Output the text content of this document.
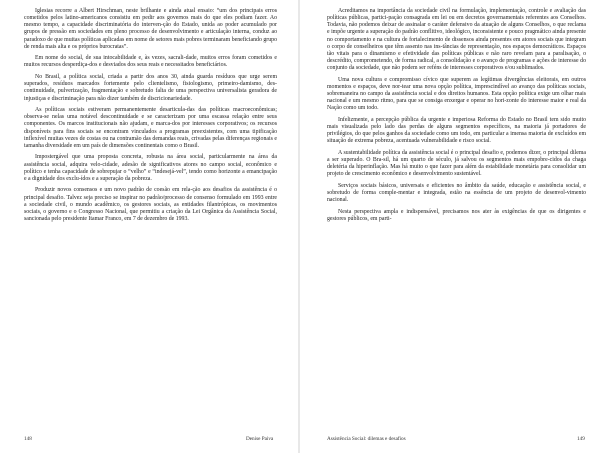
Iglesias recorre a Albert Hirschman, neste brilhante e ainda atual ensaio: “um dos principais erros cometidos pelos latino-americanos consistiu em pedir aos governos mais do que eles podiam fazer. Ao mesmo tempo, a capacidade discriminatória do interven-ção do Estado, unida ao poder acumulado por grupos de pressão em sociedades em pleno processo de desenvolvimento e articulação interna, conduz ao paradoxo de que muitas políticas aplicadas em nome de setores mais pobres terminaram beneficiando grupo de renda mais alta e os próprios burocratas”.

Em nome do social, de sua intocabilidade e, às vezes, sacrali-dade, muitos erros foram cometidos e muitos recursos desperdiça-dos e desviados dos seus reais e necessitados beneficiários.

No Brasil, a política social, criada a partir dos anos 30, ainda guarda resíduos que urge serem superados, resíduos marcados fortemente pelo clientelismo, fisiologismo, primeiro-damismo, des-continuidade, pulverização, fragmentação e sobretudo falta de uma perspectiva universalista geradora de injustiças e discriminação para não dizer também de discricionariedade.

As políticas sociais estiveram permanentemente desarticula-das das políticas macroeconômicas; observa-se nelas uma notável descontinuidade e se caracterizam por uma escassa relação entre seus componentes. Os marcos institucionais não ajudam, e marca-dos por interesses corporativos; os recursos disponíveis para fins sociais se encontram vinculados a programas preexistentes, com uma tipificação inflexível muitas vezes de costas ou na contramão das demandas reais, crivadas pelas diferenças regionais e tamanha diversidade em um país de dimensões continentais como o Brasil.

Impostergável que uma proposta concreta, robusta na área social, particularmente na área da assistência social, adquira velo-cidade, adesão de significativos atores no campo social, econômico e político e tenha capacidade de sobrepujar o “velho” e “indesejá-vel”, tendo como horizonte a emancipação e a dignidade dos exclu-ídos e a superação da pobreza.

Produzir novos consensos e um novo padrão de coesão em rela-ção aos desafios da assistência é o principal desafio. Talvez seja preciso se inspirar no padrão/processo de consenso formulado em 1993 entre a sociedade civil, o mundo acadêmico, os gestores sociais, as entidades filantrópicas, os movimentos sociais, o governo e o Congresso Nacional, que permitiu a criação da Lei Orgânica da Assistência Social, sancionada pelo presidente Itamar Franco, em 7 de dezembro de 1993.

148	Denise Paiva

Acreditamos na importância da sociedade civil na formulação, implementação, controle e avaliação das políticas públicas, partici-pação consagrada em lei ou em decretos governamentais referentes aos Conselhos. Todavia, não podemos deixar de assinalar o caráter defensivo da atuação de alguns Conselhos, o que reclama e impõe urgente a superação do padrão conflitivo, ideológico, inconsistente e pouco pragmático ainda presente no comportamento e na cultura de fortalecimento de dissensos ainda presentes em atores sociais que integram o corpo de conselheiros que têm assento nas ins-tâncias de representação, nos espaços democráticos. Espaços tão vitais para o dinamismo e efetividade das políticas públicas e não raro revelam para a paralisação, o descrédito, comprometendo, de forma radical, a consolidação e o avanço de programas e ações de interesse do conjunto da sociedade, que não podem ser reféns de interesses corporativos e/ou sublimados.

Uma nova cultura e compromisso cívico que superem as legítimas divergências eleitorais, em outros momentos e espaços, deve nor-tear uma nova opção política, imprescindível ao avanço das políticas sociais, sobremaneira no campo da assistência social e dos direitos humanos. Esta opção política exige um olhar mais nacional e um mesmo ritmo, para que se consiga enxergar e operar no hori-zonte do interesse maior e real da Nação como um todo.

Infelizmente, a percepção pública da urgente e imperiosa Reforma do Estado no Brasil tem sido muito mais visualizada pelo lado das perdas de alguns segmentos específicos, na maioria já portadores de privilégios, do que pelos ganhos da sociedade como um todo, em particular a imensa maioria de excluídos em situação de extrema pobreza, acentuada vulnerabilidade e risco social.

A sustentabilidade política da assistência social é o principal desafio e, podemos dizer, o principal dilema a ser superado. O Bra-sil, há um quarto de século, já salvou os segmentos mais empobre-cidos da chaga deletéria da hiperinflação. Mas há muito o que fazer para além da estabilidade monetária para consolidar um projeto de crescimento econômico e desenvolvimento sustentável.

Serviços sociais básicos, universais e eficientes no âmbito da saúde, educação e assistência social, e sobretudo de forma comple-mentar e integrada, estão na essência de um projeto de desenvol-vimento nacional.

Nesta perspectiva ampla e indispensável, precisamos nos ater às exigências de que os dirigentes e gestores públicos, em parti-

Assistência Social: dilemas e desafios	149
